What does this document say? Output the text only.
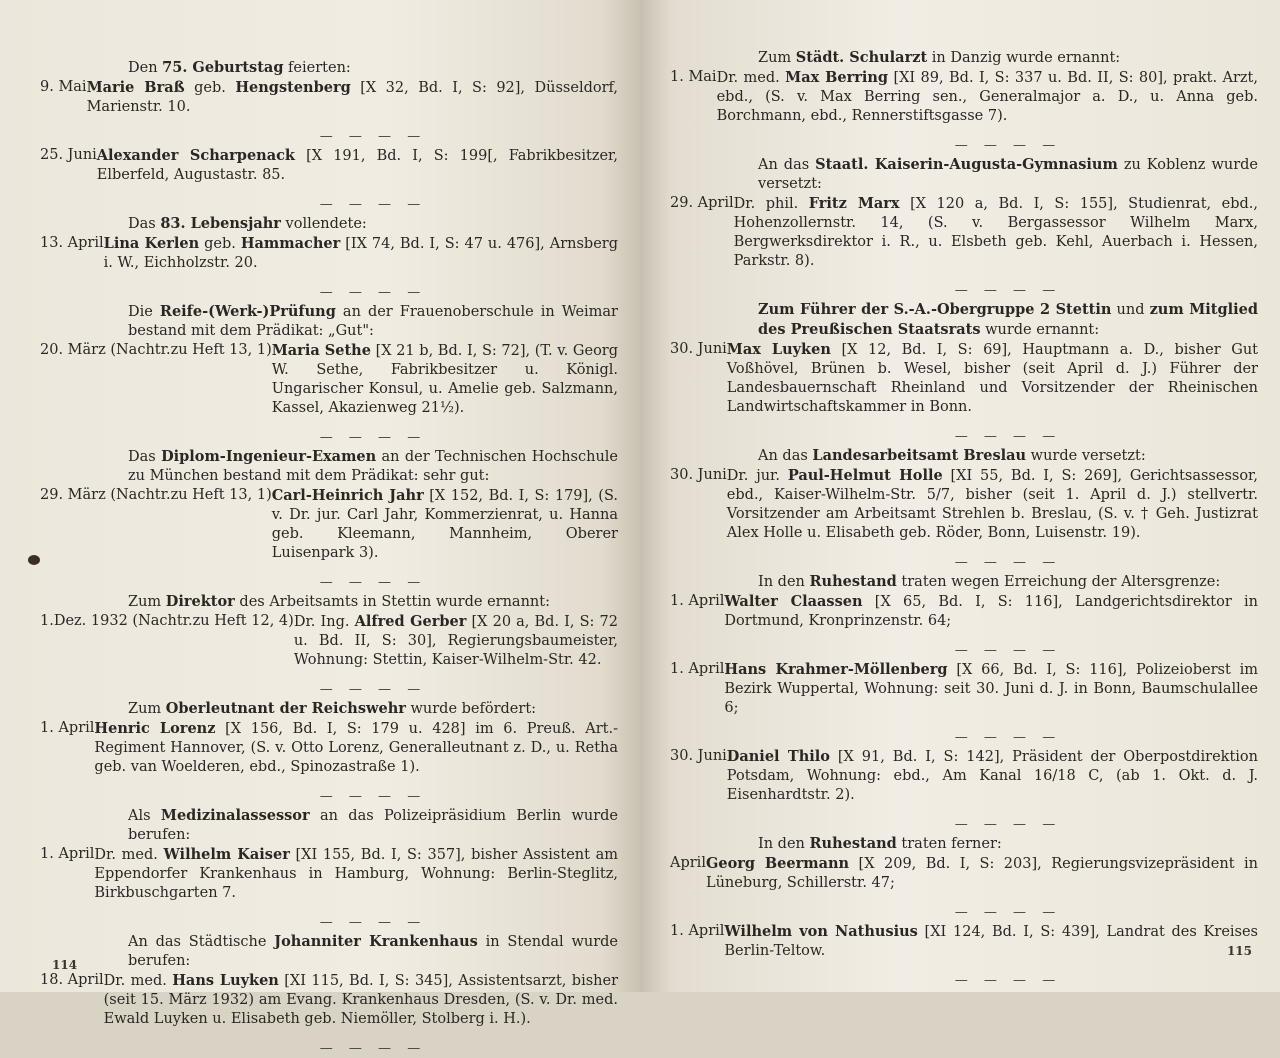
Den 75. Geburtstag feierten:
9. Mai Marie Braß geb. Hengstenberg [X 32, Bd. I, S: 92], Düsseldorf, Marienstr. 10.
— — — —
25. Juni Alexander Scharpenack [X 191, Bd. I, S: 199[, Fabrikbesitzer, Elberfeld, Augustastr. 85.
— — — —
Das 83. Lebensjahr vollendete:
13. April Lina Kerlen geb. Hammacher [IX 74, Bd. I, S: 47 u. 476], Arnsberg i. W., Eichholzstr. 20.
— — — —
Die Reife-(Werk-)Prüfung an der Frauenoberschule in Weimar bestand mit dem Prädikat: „Gut":
20. März (Nachtr.zu Heft 13, 1) Maria Sethe [X 21 b, Bd. I, S: 72], (T. v. Georg W. Sethe, Fabrikbesitzer u. Königl. Ungarischer Konsul, u. Amelie geb. Salzmann, Kassel, Akazienweg 21½).
— — — —
Das Diplom-Ingenieur-Examen an der Technischen Hochschule zu München bestand mit dem Prädikat: sehr gut:
29. März (Nachtr.zu Heft 13, 1) Carl-Heinrich Jahr [X 152, Bd. I, S: 179], (S. v. Dr. jur. Carl Jahr, Kommerzienrat, u. Hanna geb. Kleemann, Mannheim, Oberer Luisenpark 3).
— — — —
Zum Direktor des Arbeitsamts in Stettin wurde ernannt:
1.Dez. 1932 (Nachtr.zu Heft 12, 4) Dr. Ing. Alfred Gerber [X 20 a, Bd. I, S: 72 u. Bd. II, S: 30], Regierungsbaumeister, Wohnung: Stettin, Kaiser-Wilhelm-Str. 42.
— — — —
Zum Oberleutnant der Reichswehr wurde befördert:
1. April Henric Lorenz [X 156, Bd. I, S: 179 u. 428] im 6. Preuß. Art.-Regiment Hannover, (S. v. Otto Lorenz, Generalleutnant z. D., u. Retha geb. van Woelderen, ebd., Spinozastraße 1).
— — — —
Als Medizinalassessor an das Polizeipräsidium Berlin wurde berufen:
1. April Dr. med. Wilhelm Kaiser [XI 155, Bd. I, S: 357], bisher Assistent am Eppendorfer Krankenhaus in Hamburg, Wohnung: Berlin-Steglitz, Birkbuschgarten 7.
— — — —
An das Städtische Johanniter Krankenhaus in Stendal wurde berufen:
18. April Dr. med. Hans Luyken [XI 115, Bd. I, S: 345], Assistentsarzt, bisher (seit 15. März 1932) am Evang. Krankenhaus Dresden, (S. v. Dr. med. Ewald Luyken u. Elisabeth geb. Niemöller, Stolberg i. H.).
— — — —
114
Zum Städt. Schularzt in Danzig wurde ernannt:
1. Mai Dr. med. Max Berring [XI 89, Bd. I, S: 337 u. Bd. II, S: 80], prakt. Arzt, ebd., (S. v. Max Berring sen., Generalmajor a. D., u. Anna geb. Borchmann, ebd., Rennerstiftsgasse 7).
— — — —
An das Staatl. Kaiserin-Augusta-Gymnasium zu Koblenz wurde versetzt:
29. April Dr. phil. Fritz Marx [X 120 a, Bd. I, S: 155], Studienrat, ebd., Hohenzollernstr. 14, (S. v. Bergassessor Wilhelm Marx, Bergwerksdirektor i. R., u. Elsbeth geb. Kehl, Auerbach i. Hessen, Parkstr. 8).
— — — —
Zum Führer der S.-A.-Obergruppe 2 Stettin und zum Mitglied des Preußischen Staatsrats wurde ernannt:
30. Juni Max Luyken [X 12, Bd. I, S: 69], Hauptmann a. D., bisher Gut Voßhövel, Brünen b. Wesel, bisher (seit April d. J.) Führer der Landesbauernschaft Rheinland und Vorsitzender der Rheinischen Landwirtschaftskammer in Bonn.
— — — —
An das Landesarbeitsamt Breslau wurde versetzt:
30. Juni Dr. jur. Paul-Helmut Holle [XI 55, Bd. I, S: 269], Gerichtsassessor, ebd., Kaiser-Wilhelm-Str. 5/7, bisher (seit 1. April d. J.) stellvertr. Vorsitzender am Arbeitsamt Strehlen b. Breslau, (S. v. † Geh. Justizrat Alex Holle u. Elisabeth geb. Röder, Bonn, Luisenstr. 19).
— — — —
In den Ruhestand traten wegen Erreichung der Altersgrenze:
1. April Walter Claassen [X 65, Bd. I, S: 116], Landgerichtsdirektor in Dortmund, Kronprinzenstr. 64;
— — — —
1. April Hans Krahmer-Möllenberg [X 66, Bd. I, S: 116], Polizeioberst im Bezirk Wuppertal, Wohnung: seit 30. Juni d. J. in Bonn, Baumschulallee 6;
— — — —
30. Juni Daniel Thilo [X 91, Bd. I, S: 142], Präsident der Oberpostdirektion Potsdam, Wohnung: ebd., Am Kanal 16/18 C, (ab 1. Okt. d. J. Eisenhardtstr. 2).
— — — —
In den Ruhestand traten ferner:
April Georg Beermann [X 209, Bd. I, S: 203], Regierungsvizepräsident in Lüneburg, Schillerstr. 47;
— — — —
1. April Wilhelm von Nathusius [XI 124, Bd. I, S: 439], Landrat des Kreises Berlin-Teltow.
— — — —
115
